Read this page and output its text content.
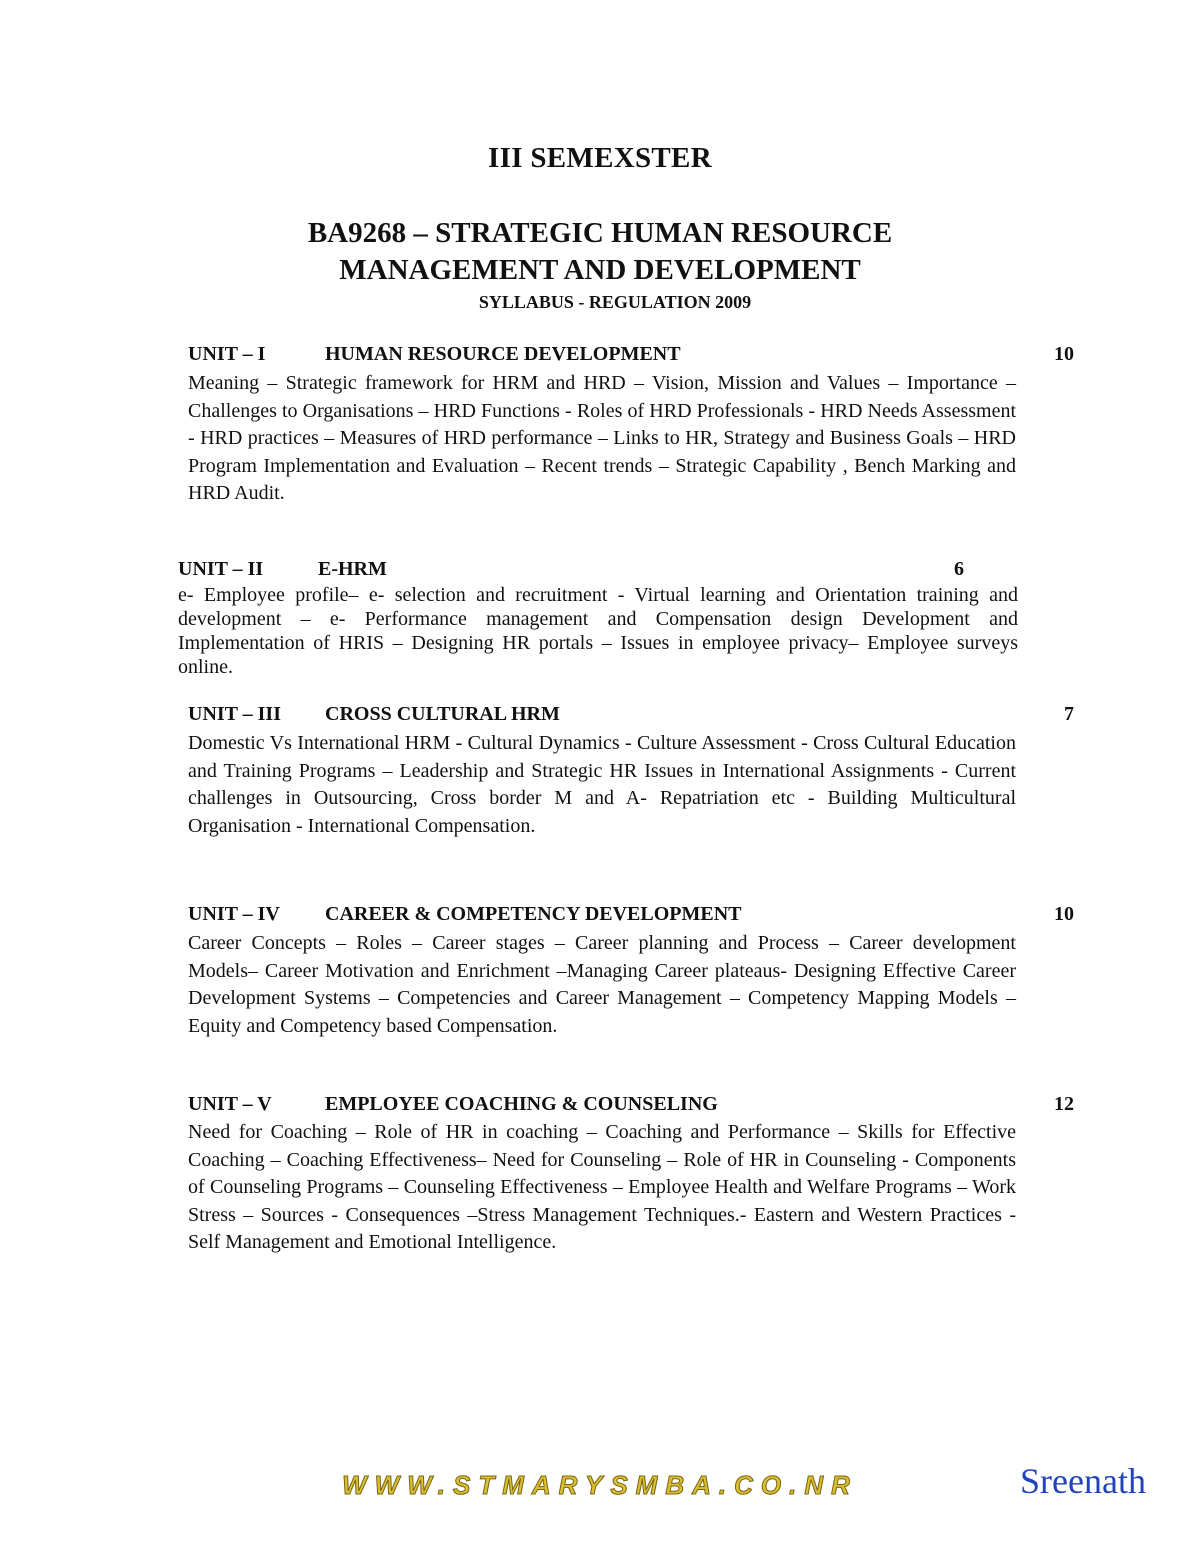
III SEMEXSTER
BA9268 – STRATEGIC HUMAN RESOURCE
MANAGEMENT AND DEVELOPMENT
SYLLABUS - REGULATION 2009
UNIT – I	HUMAN RESOURCE DEVELOPMENT	10

Meaning – Strategic framework for HRM and HRD – Vision, Mission and Values – Importance – Challenges to Organisations – HRD Functions - Roles of HRD Professionals - HRD Needs Assessment - HRD practices – Measures of HRD performance – Links to HR, Strategy and Business Goals – HRD Program Implementation and Evaluation – Recent trends – Strategic Capability , Bench Marking and HRD Audit.

UNIT – II	E-HRM	6

e- Employee profile– e- selection and recruitment - Virtual learning and Orientation training and development – e- Performance management and Compensation design Development and Implementation of HRIS – Designing HR portals – Issues in employee privacy– Employee surveys online.

UNIT – III CROSS CULTURAL HRM	7

Domestic Vs International HRM - Cultural Dynamics - Culture Assessment - Cross Cultural Education and Training Programs – Leadership and Strategic HR Issues in International Assignments - Current challenges in Outsourcing, Cross border M and A- Repatriation etc - Building Multicultural Organisation - International Compensation.

UNIT – IV CAREER & COMPETENCY DEVELOPMENT	10

Career Concepts – Roles – Career stages – Career planning and Process – Career development Models– Career Motivation and Enrichment –Managing Career plateaus- Designing Effective Career Development Systems – Competencies and Career Management – Competency Mapping Models – Equity and Competency based Compensation.

UNIT – V	EMPLOYEE COACHING & COUNSELING	12

Need for Coaching – Role of HR in coaching – Coaching and Performance – Skills for Effective Coaching – Coaching Effectiveness– Need for Counseling – Role of HR in Counseling - Components of Counseling Programs – Counseling Effectiveness – Employee Health and Welfare Programs – Work Stress – Sources - Consequences –Stress Management Techniques.- Eastern and Western Practices - Self Management and Emotional Intelligence.

WWW.STMARYSMBA.CO.NR	Sreenath
